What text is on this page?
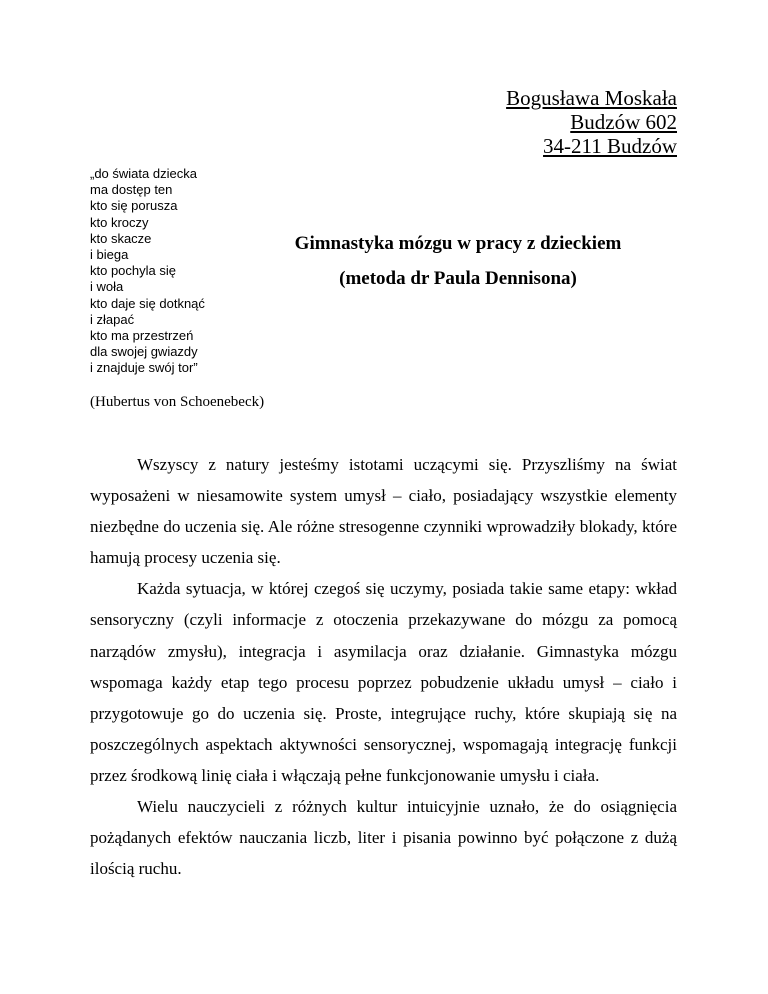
Bogusława Moskała
Budzów 602
34-211 Budzów
„do świata dziecka
ma dostęp ten
kto się porusza
kto kroczy
kto skacze
i biega
kto pochyla się
i woła
kto daje się dotknąć
i złapać
kto ma przestrzeń
dla swojej gwiazdy
i znajduje swój tor”
(Hubertus von Schoenebeck)
Gimnastyka mózgu w pracy z dzieckiem
(metoda dr Paula Dennisona)

Wszyscy z natury jesteśmy istotami uczącymi się. Przyszliśmy na świat wyposażeni w niesamowite system umysł – ciało, posiadający wszystkie elementy niezbędne do uczenia się. Ale różne stresogenne czynniki wprowadziły blokady, które hamują procesy uczenia się.

Każda sytuacja, w której czegoś się uczymy, posiada takie same etapy: wkład sensoryczny (czyli informacje z otoczenia przekazywane do mózgu za pomocą narządów zmysłu), integracja i asymilacja oraz działanie. Gimnastyka mózgu wspomaga każdy etap tego procesu poprzez pobudzenie układu umysł – ciało i przygotowuje go do uczenia się. Proste, integrujące ruchy, które skupiają się na poszczególnych aspektach aktywności sensorycznej, wspomagają integrację funkcji przez środkową linię ciała i włączają pełne funkcjonowanie umysłu i ciała.

Wielu nauczycieli z różnych kultur intuicyjnie uznało, że do osiągnięcia pożądanych efektów nauczania liczb, liter i pisania powinno być połączone z dużą ilością ruchu.
